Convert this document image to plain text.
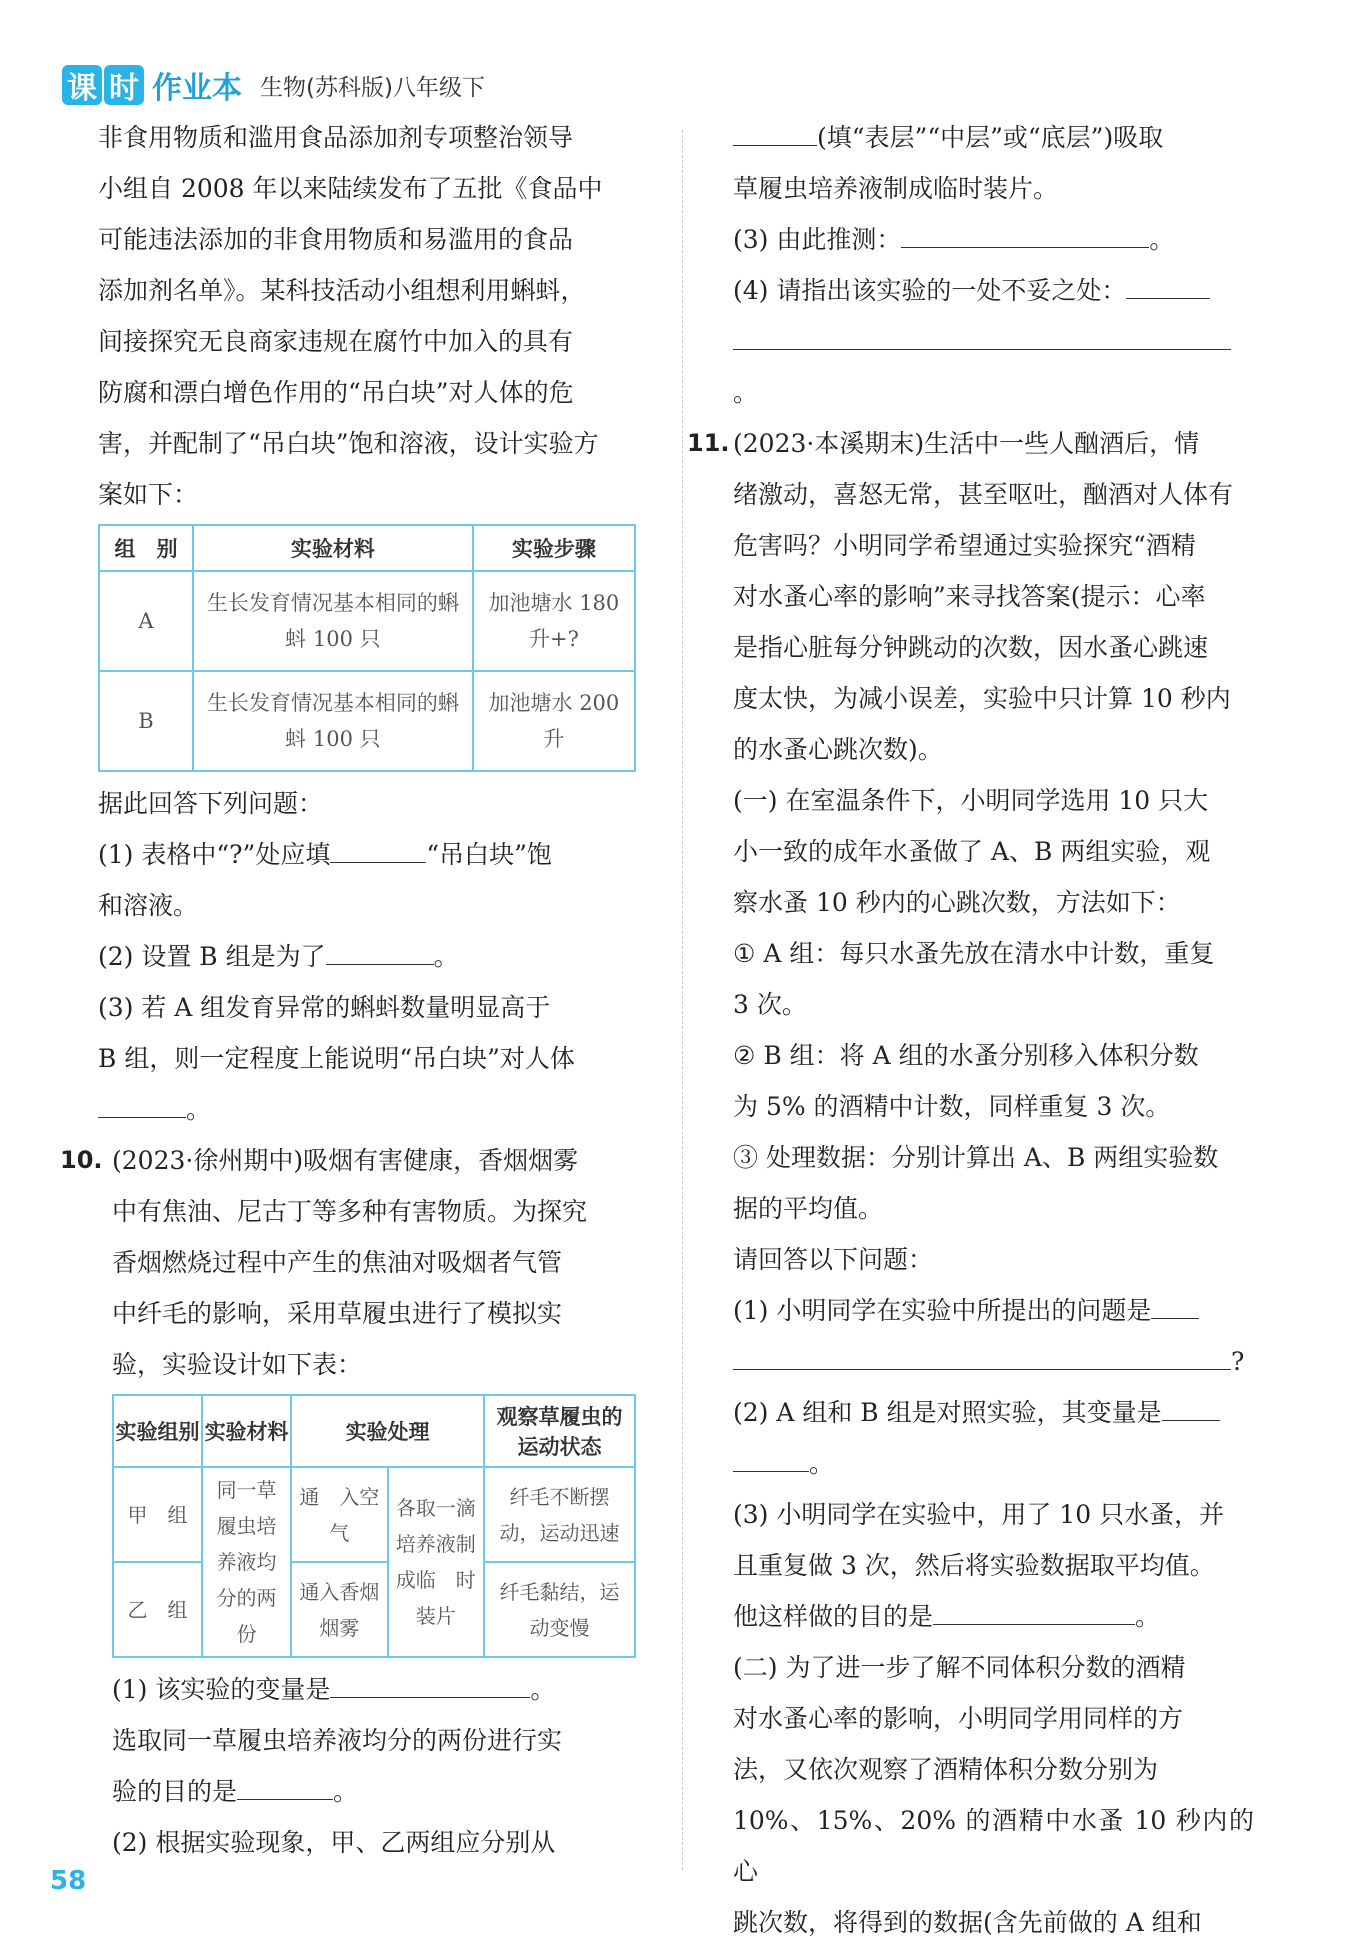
课 时 作业本 生物(苏科版)八年级下

非食用物质和滥用食品添加剂专项整治领导

小组自 2008 年以来陆续发布了五批《食品中

可能违法添加的非食用物质和易滥用的食品

添加剂名单》。某科技活动小组想利用蝌蚪，

间接探究无良商家违规在腐竹中加入的具有

防腐和漂白增色作用的“吊白块”对人体的危

害，并配制了“吊白块”饱和溶液，设计实验方

案如下：

组　别	实验材料	实验步骤
A	生长发育情况基本相同的蝌蚪 100 只	加池塘水 180 升+?
B	生长发育情况基本相同的蝌蚪 100 只	加池塘水 200 升

据此回答下列问题：

(1) 表格中“?”处应填	“吊白块”饱

和溶液。

(2) 设置 B 组是为了	。

(3) 若 A 组发育异常的蝌蚪数量明显高于

B 组，则一定程度上能说明“吊白块”对人体

。

10. (2023·徐州期中)吸烟有害健康，香烟烟雾

中有焦油、尼古丁等多种有害物质。为探究

香烟燃烧过程中产生的焦油对吸烟者气管

中纤毛的影响，采用草履虫进行了模拟实

验，实验设计如下表：

实验组别	实验材料	实验处理		观察草履虫的运动状态
甲　组	同一草履虫培养液均分的两份	通　入空气	各取一滴培养液制成临　时装片	纤毛不断摆动，运动迅速
乙　组		通入香烟烟雾		纤毛黏结，运动变慢

(1) 该实验的变量是	。

选取同一草履虫培养液均分的两份进行实

验的目的是	。

(2) 根据实验现象，甲、乙两组应分别从

(填“表层”“中层”或“底层”)吸取

草履虫培养液制成临时装片。

(3) 由此推测：	。

(4) 请指出该实验的一处不妥之处：

。

11. (2023·本溪期末)生活中一些人酗酒后，情

绪激动，喜怒无常，甚至呕吐，酗酒对人体有

危害吗？小明同学希望通过实验探究“酒精

对水蚤心率的影响”来寻找答案(提示：心率

是指心脏每分钟跳动的次数，因水蚤心跳速

度太快，为减小误差，实验中只计算 10 秒内

的水蚤心跳次数)。

(一) 在室温条件下，小明同学选用 10 只大

小一致的成年水蚤做了 A、B 两组实验，观

察水蚤 10 秒内的心跳次数，方法如下：

① A 组：每只水蚤先放在清水中计数，重复

3 次。

② B 组：将 A 组的水蚤分别移入体积分数

为 5% 的酒精中计数，同样重复 3 次。

③ 处理数据：分别计算出 A、B 两组实验数

据的平均值。

请回答以下问题：

(1) 小明同学在实验中所提出的问题是

?

(2) A 组和 B 组是对照实验，其变量是

。

(3) 小明同学在实验中，用了 10 只水蚤，并

且重复做 3 次，然后将实验数据取平均值。

他这样做的目的是	。

(二) 为了进一步了解不同体积分数的酒精

对水蚤心率的影响，小明同学用同样的方

法，又依次观察了酒精体积分数分别为

10%、15%、20% 的酒精中水蚤 10 秒内的心

跳次数，将得到的数据(含先前做的 A 组和

58
